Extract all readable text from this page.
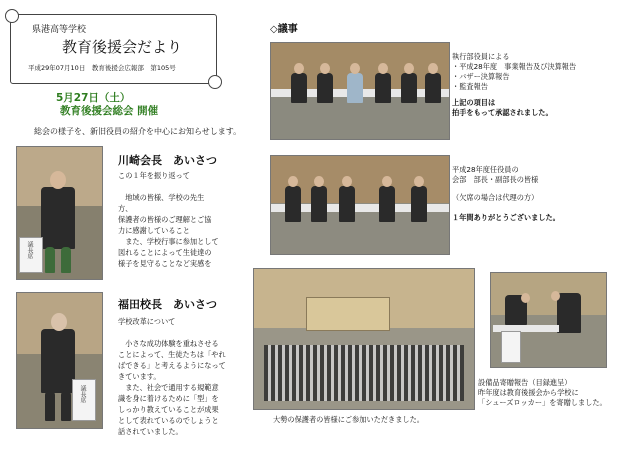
県港高等学校
教育後援会だより
平成29年07月10日　教育後援会広報部　第105号
5月27日（土）
教育後援会総会 開催
総会の様子を、新旧役員の紹介を中心にお知らせします。
議長席
川崎会長　あいさつ
この１年を振り返って

　地域の皆様、学校の先生
方、
保護者の皆様のご理解とご協
力に感謝していること
　また、学校行事に参加として
図れることによって生徒達の
様子を見守ることなど実感を
議長席
福田校長　あいさつ
学校改革について

　小さな成功体験を重ねさせる
ことによって、生徒たちは「やれ
ばできる」と考えるようになって
きています。
　また、社会で通用する規範意
識を身に着けるために「型」を
しっかり教えていることが成果
として表れているのでしょうと
話されていました。
◇議事
執行部役員による
・平成28年度　事業報告及び決算報告
・バザー決算報告
・監査報告
上記の項目は
拍手をもって承認されました。
平成28年度任役員の
会部　部長・副部長の皆様
（欠席の場合は代理の方）
１年間ありがとうございました。
大勢の保護者の皆様にご参加いただきました。
設備品寄贈報告（目録進呈）
昨年度は教育後援会から学校に
「シューズロッカー」を寄贈しました。
